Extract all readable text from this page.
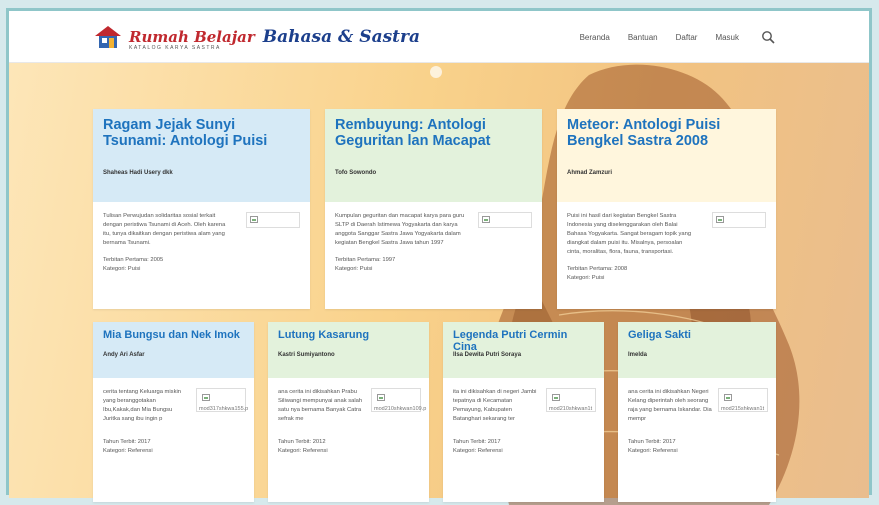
Rumah Belajar
KATALOG KARYA SASTRA
Bahasa & Sastra	Beranda Bantuan Daftar Masuk
Ragam Jejak Sunyi Tsunami: Antologi Puisi
Shaheas Hadi Usery dkk
Tulisan Perwujudan solidaritas sosial terkait dengan peristiwa Tsunami di Aceh. Oleh karena itu, tunya dikaitkan dengan peristiwa alam yang bernama Tsunami.
Terbitan Pertama: 2005
Kategori: Puisi
Rembuyung: Antologi Geguritan lan Macapat
Tofo Sowondo
Kumpulan geguritan dan macapat karya para guru SLTP di Daerah Istimewa Yogyakarta dan karya anggota Sanggar Sastra Jawa Yogyakarta dalam kegiatan Bengkel Sastra Jawa tahun 1997
Terbitan Pertama: 1997
Kategori: Puisi
Meteor: Antologi Puisi Bengkel Sastra 2008
Ahmad Zamzuri
Puisi ini hasil dari kegiatan Bengkel Sastra Indonesia yang diselenggarakan oleh Balai Bahasa Yogyakarta. Sangat beragam topik yang diangkat dalam puisi itu. Misalnya, persoalan cinta, moralitas, flora, fauna, transportasi.
Terbitan Pertama: 2008
Kategori: Puisi
Mia Bungsu dan Nek Imok
Andy Ari Asfar
cerita tentang Keluarga miskin yang beranggotakan Ibu,Kakak,dan Mia Bungsu Juritka sang ibu ingin p
mod317shkwa155.p
Tahun Terbit: 2017
Kategori: Referensi
Lutung Kasarung
Kastri Sumiyantono
ana cerita ini dikisahkan Prabu Siliwangi mempunyai anak salah satu nya bernama Banyak Catra sefrak me
mod210shkwan109.p
Tahun Terbit: 2012
Kategori: Referensi
Legenda Putri Cermin Cina
Ilsa Dewita Putri Soraya
ita ini dikisahkan di negeri Jambi tepatnya di Kecamatan Pemayung, Kabupaten Batanghari sekarang ter
mod210shkwan1t
Tahun Terbit: 2017
Kategori: Referensi
Geliga Sakti
Imelda
ana cerita ini dikisahkan Negeri Kelang diperintah oleh seorang raja yang bernama Iskandar. Dia mempr
mod215shkwan1t
Tahun Terbit: 2017
Kategori: Referensi
